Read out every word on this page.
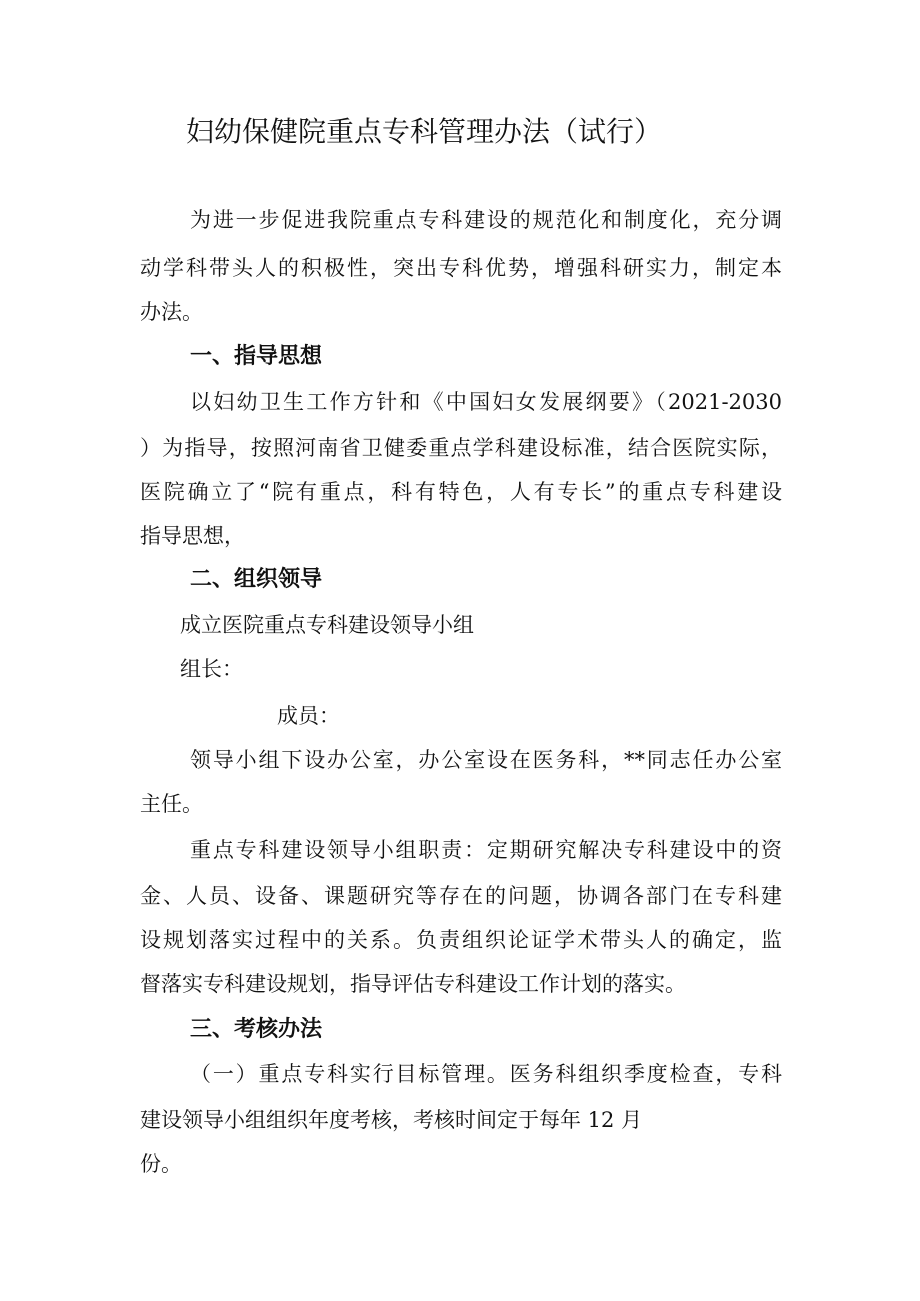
妇幼保健院重点专科管理办法（试行）
为进一步促进我院重点专科建设的规范化和制度化，充分调
动学科带头人的积极性，突出专科优势，增强科研实力，制定本
办法。
一、指导思想
以妇幼卫生工作方针和《中国妇女发展纲要》（2021-2030
）为指导，按照河南省卫健委重点学科建设标准，结合医院实际，
医院确立了“院有重点，科有特色，人有专长”的重点专科建设
指导思想，
二、组织领导
成立医院重点专科建设领导小组
组长：
成员：
领导小组下设办公室，办公室设在医务科，**同志任办公室
主任。
重点专科建设领导小组职责：定期研究解决专科建设中的资
金、人员、设备、课题研究等存在的问题，协调各部门在专科建
设规划落实过程中的关系。负责组织论证学术带头人的确定，监
督落实专科建设规划，指导评估专科建设工作计划的落实。
三、考核办法
（一）重点专科实行目标管理。医务科组织季度检查，专科
建设领导小组组织年度考核，考核时间定于每年 12 月
份。
